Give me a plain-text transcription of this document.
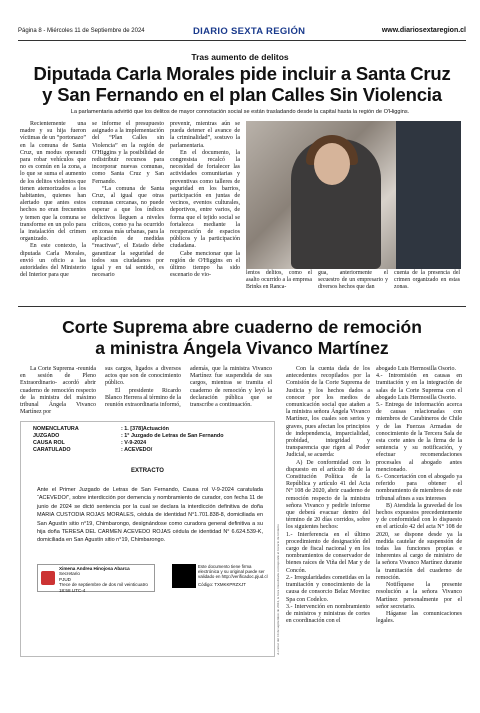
Página 8 - Miércoles 11 de Septiembre de 2024	DIARIO SEXTA REGIÓN	www.diariosextaregion.cl
Tras aumento de delitos
Diputada Carla Morales pide incluir a Santa Cruz
y San Fernando en el plan Calles Sin Violencia
La parlamentaria advirtió que los delitos de mayor connotación social se están trasladando desde la capital hasta la región de O'Higgins.

Recientemente una madre y su hija fueron víctimas de un “portonazo” en la comuna de Santa Cruz, un modus operandi para robar vehículos que no es común en la zona, a lo que se suma el aumento de los delitos violentos que tienen atemorizados a los habitantes, quienes han alertado que antes estos hechos no eran frecuentes y temen que la comuna se transforme en un polo para la instalación del crimen organizado.

En este contexto, la diputada Carla Morales, envió un oficio a las autoridades del Ministerio del Interior para que

se informe el presupuesto asignado a la implementación del “Plan Calles sin Violencia” en la región de O'Higgins y la posibilidad de redistribuir recursos para incorporar nuevas comunas, como Santa Cruz y San Fernando.

“La comuna de Santa Cruz, al igual que otras comunas cercanas, no puede esperar a que los índices delictivos lleguen a niveles críticos, como ya ha ocurrido en zonas más urbanas, para la aplicación de medidas “reactivas”, el Estado debe garantizar la seguridad de todos sus ciudadanos por igual y en tal sentido, es necesario

prevenir, mientras aún se pueda detener el avance de la criminalidad”, sostuvo la parlamentaria.

En el documento, la congresista recalcó la necesidad de fortalecer las actividades comunitarias y preventivas como talleres de seguridad en los barrios, participación en juntas de vecinos, eventos culturales, deportivos, entre varios, de forma que el tejido social se fortalezca mediante la recuperación de espacios públicos y la participación ciudadana.

Cabe mencionar que la región de O'Higgins en el último tiempo ha sido escenario de vio-	lentos delitos, como el asalto ocurrido a la empresa Brinks en Ranca-
gua, anteriormente el secuestro de un empresario y diversos hechos que dan
cuenta de la presencia del crimen organizado en estas zonas.
Corte Suprema abre cuaderno de remoción
a ministra Ángela Vivanco Martínez

La Corte Suprema -reunida en sesión de Pleno Extraordinario- acordó abrir cuaderno de remoción respecto de la ministra del máximo tribunal Ángela Vivanco Martínez por

sus cargos, ligados a diversos actos que son de conocimiento público.

El presidente Ricardo Blanco Herrera al término de la reunión extraordinaria informó,

además, que la ministra Vivanco Martínez fue suspendida de sus cargos, mientras se tramita el cuaderno de remoción y leyó la declaración pública que se transcribe a continuación.

Con la cuenta dada de los antecedentes recopilados por la Comisión de la Corte Suprema de Justicia y los hechos dados a conocer por los medios de comunicación social que atañen a la ministra señora Ángela Vivanco Martínez, los cuales son serios y graves, pues afectan los principios de independencia, imparcialidad, probidad, integridad y transparencia que rigen al Poder Judicial, se acuerda:

A) De conformidad con lo dispuesto en el artículo 80 de la Constitución Política de la República y artículo 41 del Acta N° 108 de 2020, abrir cuaderno de remoción respecto de la ministra señora Vivanco y pedirle informe que deberá evacuar dentro del término de 20 días corridos, sobre los siguientes hechos:

1.- Interferencia en el último procedimiento de designación del cargo de fiscal nacional y en los nombramientos de conservador de bienes raíces de Viña del Mar y de Concón.

2.- Irregularidades cometidas en la tramitación y conocimiento de la causa de consorcio Belaz Movitec Spa con Codelco.

3.- Intervención en nombramiento de ministros y ministras de cortes en coordinación con el

abogado Luis Hermosilla Osorio.

4.- Intromisión en causas en tramitación y en la integración de salas de la Corte Suprema con el abogado Luis Hermosilla Osorio.

5.- Entrega de información acerca de causas relacionadas con miembros de Carabineros de Chile y de las Fuerzas Armadas de conocimiento de la Tercera Sala de esta corte antes de la firma de la sentencia y su notificación, y efectuar recomendaciones procesales al abogado antes mencionado.

6.- Concertación con el abogado ya referido para obtener el nombramiento de miembros de este tribunal afines a sus intereses

B) Atendida la gravedad de los hechos expuestos precedentemente y de conformidad con lo dispuesto en el artículo 42 del acta N° 108 de 2020, se dispone desde ya la medida cautelar de suspensión de todas las funciones propias e inherentes al cargo de ministro de la señora Vivanco Martínez durante la tramitación del cuaderno de remoción.

Notifíquese la presente resolución a la señora Vivanco Martínez personalmente por el señor secretario.

Háganse las comunicaciones legales.

NOMENCLATURA	: 1. [378]Actuación
JUZGADO	: 1° Juzgado de Letras de San Fernando
CAUSA ROL	: V-9-2024
CARATULADO	: ACEVEDO/
EXTRACTO
Ante el Primer Juzgado de Letras de San Fernando, Causa rol V-9-2024 caratulada “ACEVEDO/”, sobre interdicción por demencia y nombramiento de curador, con fecha 11 de junio de 2024 se dictó sentencia por la cual se declara la interdicción definitiva de doña MARIA CUSTODIA ROJAS MORALES, cédula de identidad N°1.701.838-8, domiciliada en San Agustín sitio n°19, Chimbarongo, designándose como curadora general definitiva a su hija doña TERESA DEL CARMEN ACEVEDO ROJAS cédula de identidad N° 6.624.539-K, domiciliada en San Agustín sitio n°19, Chimbarongo.
Ximena Andrea Hinojosa Abarca
Secretario
PJUD
Trece de septiembre de dos mil veinticuatro
18:58 UTC-4
Este documento tiene firma electrónica y su original puede ser validado en http://verificadoc.pjud.cl
Código: TXMKKPRZXJT	A contar del 14 de septiembre de 2024, la hora visualizada corresponde al horario de invierno
